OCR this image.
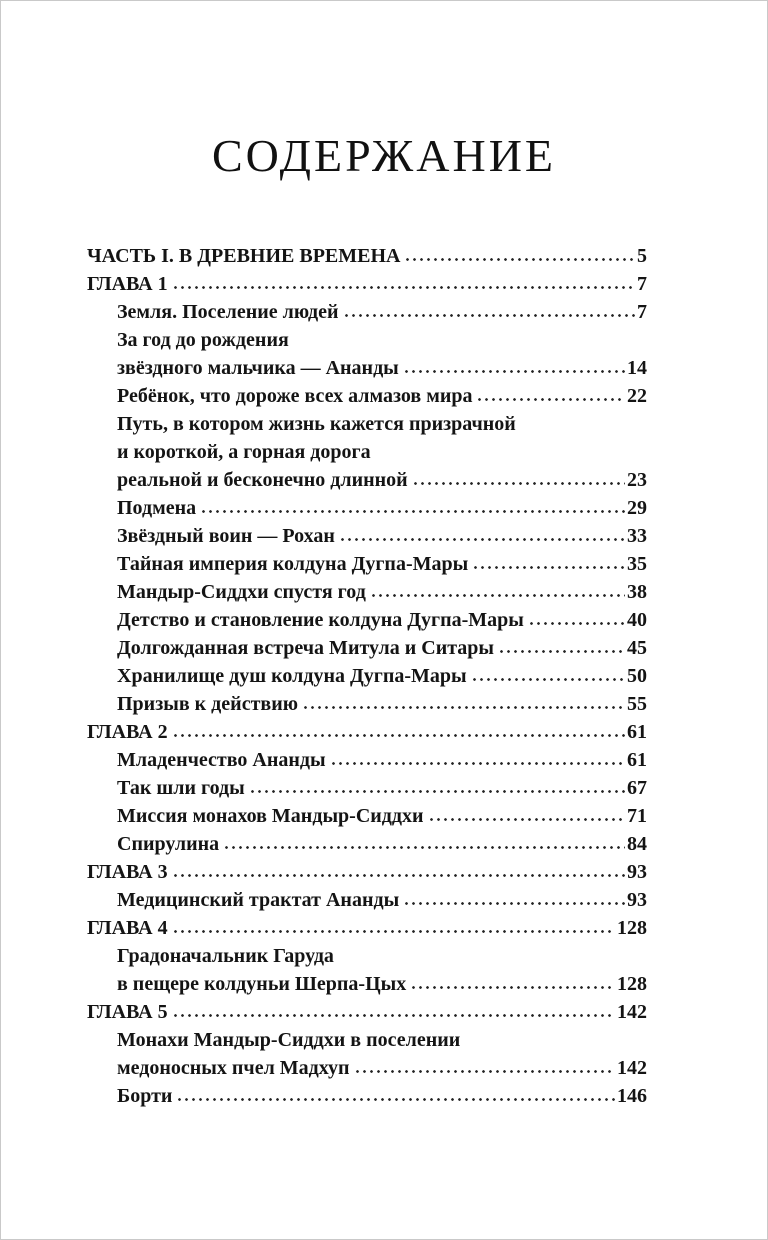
СОДЕРЖАНИЕ
ЧАСТЬ I. В ДРЕВНИЕ ВРЕМЕНА	5
ГЛАВА 1	7
Земля. Поселение людей	7
За год до рождения
звёздного мальчика — Ананды	14
Ребёнок, что дороже всех алмазов мира	22
Путь, в котором жизнь кажется призрачной
и короткой, а горная дорога
реальной и бесконечно длинной	23
Подмена	29
Звёздный воин — Рохан	33
Тайная империя колдуна Дугпа-Мары	35
Мандыр-Сиддхи спустя год	38
Детство и становление колдуна Дугпа-Мары	40
Долгожданная встреча Митула и Ситары	45
Хранилище душ колдуна Дугпа-Мары	50
Призыв к действию	55
ГЛАВА 2	61
Младенчество Ананды	61
Так шли годы	67
Миссия монахов Мандыр-Сиддхи	71
Спирулина	84
ГЛАВА 3	93
Медицинский трактат Ананды	93
ГЛАВА 4	128
Градоначальник Гаруда
в пещере колдуньи Шерпа-Цых	128
ГЛАВА 5	142
Монахи Мандыр-Сиддхи в поселении
медоносных пчел Мадхуп	142
Борти	146
